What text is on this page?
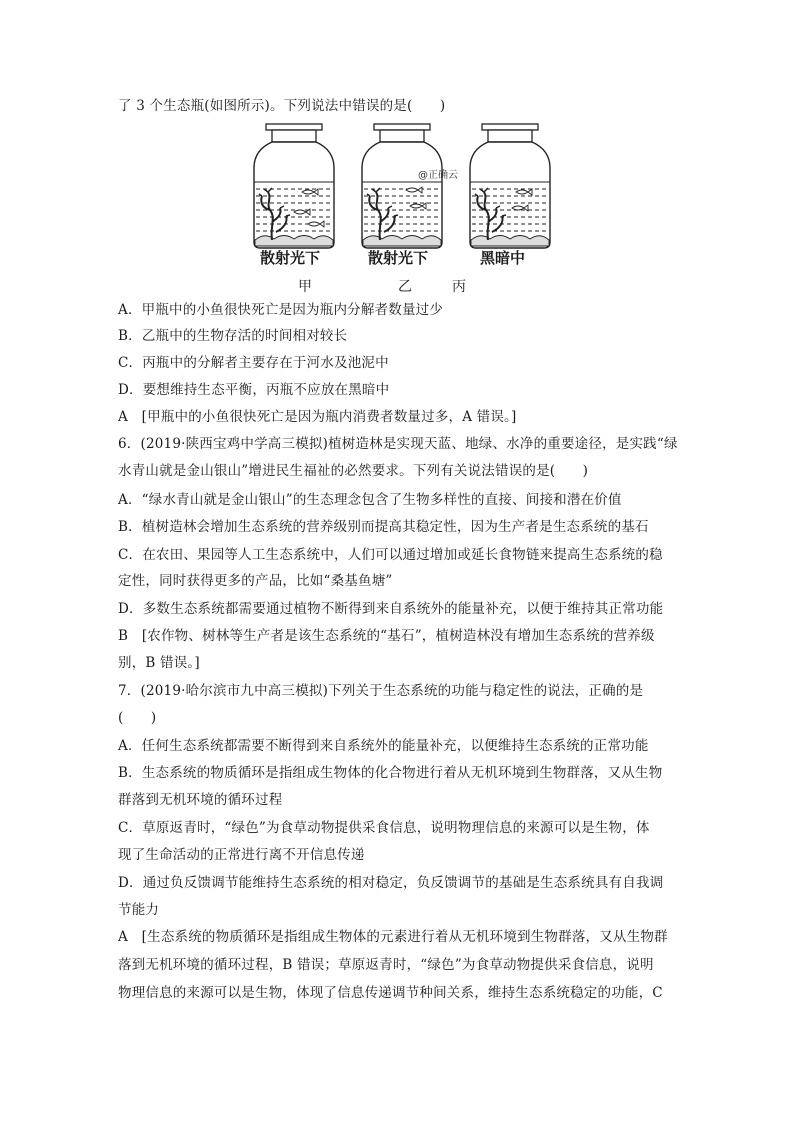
了 3 个生态瓶(如图所示)。下列说法中错误的是(　　)
@正确云
散射光下	散射光下	黑暗中
甲	乙	丙
A．甲瓶中的小鱼很快死亡是因为瓶内分解者数量过少
B．乙瓶中的生物存活的时间相对较长
C．丙瓶中的分解者主要存在于河水及池泥中
D．要想维持生态平衡，丙瓶不应放在黑暗中
A　[甲瓶中的小鱼很快死亡是因为瓶内消费者数量过多，A 错误。]
6．(2019·陕西宝鸡中学高三模拟)植树造林是实现天蓝、地绿、水净的重要途径，是实践“绿
水青山就是金山银山”增进民生福祉的必然要求。下列有关说法错误的是(　　)
A．“绿水青山就是金山银山”的生态理念包含了生物多样性的直接、间接和潜在价值
B．植树造林会增加生态系统的营养级别而提高其稳定性，因为生产者是生态系统的基石
C．在农田、果园等人工生态系统中，人们可以通过增加或延长食物链来提高生态系统的稳
定性，同时获得更多的产品，比如“桑基鱼塘”
D．多数生态系统都需要通过植物不断得到来自系统外的能量补充，以便于维持其正常功能
B　[农作物、树林等生产者是该生态系统的“基石”，植树造林没有增加生态系统的营养级
别，B 错误。]
7．(2019·哈尔滨市九中高三模拟)下列关于生态系统的功能与稳定性的说法，正确的是
(　　)
A．任何生态系统都需要不断得到来自系统外的能量补充，以便维持生态系统的正常功能
B．生态系统的物质循环是指组成生物体的化合物进行着从无机环境到生物群落，又从生物
群落到无机环境的循环过程
C．草原返青时，“绿色”为食草动物提供采食信息，说明物理信息的来源可以是生物，体
现了生命活动的正常进行离不开信息传递
D．通过负反馈调节能维持生态系统的相对稳定，负反馈调节的基础是生态系统具有自我调
节能力
A　[生态系统的物质循环是指组成生物体的元素进行着从无机环境到生物群落，又从生物群
落到无机环境的循环过程，B 错误；草原返青时，“绿色”为食草动物提供采食信息，说明
物理信息的来源可以是生物，体现了信息传递调节种间关系，维持生态系统稳定的功能，C
